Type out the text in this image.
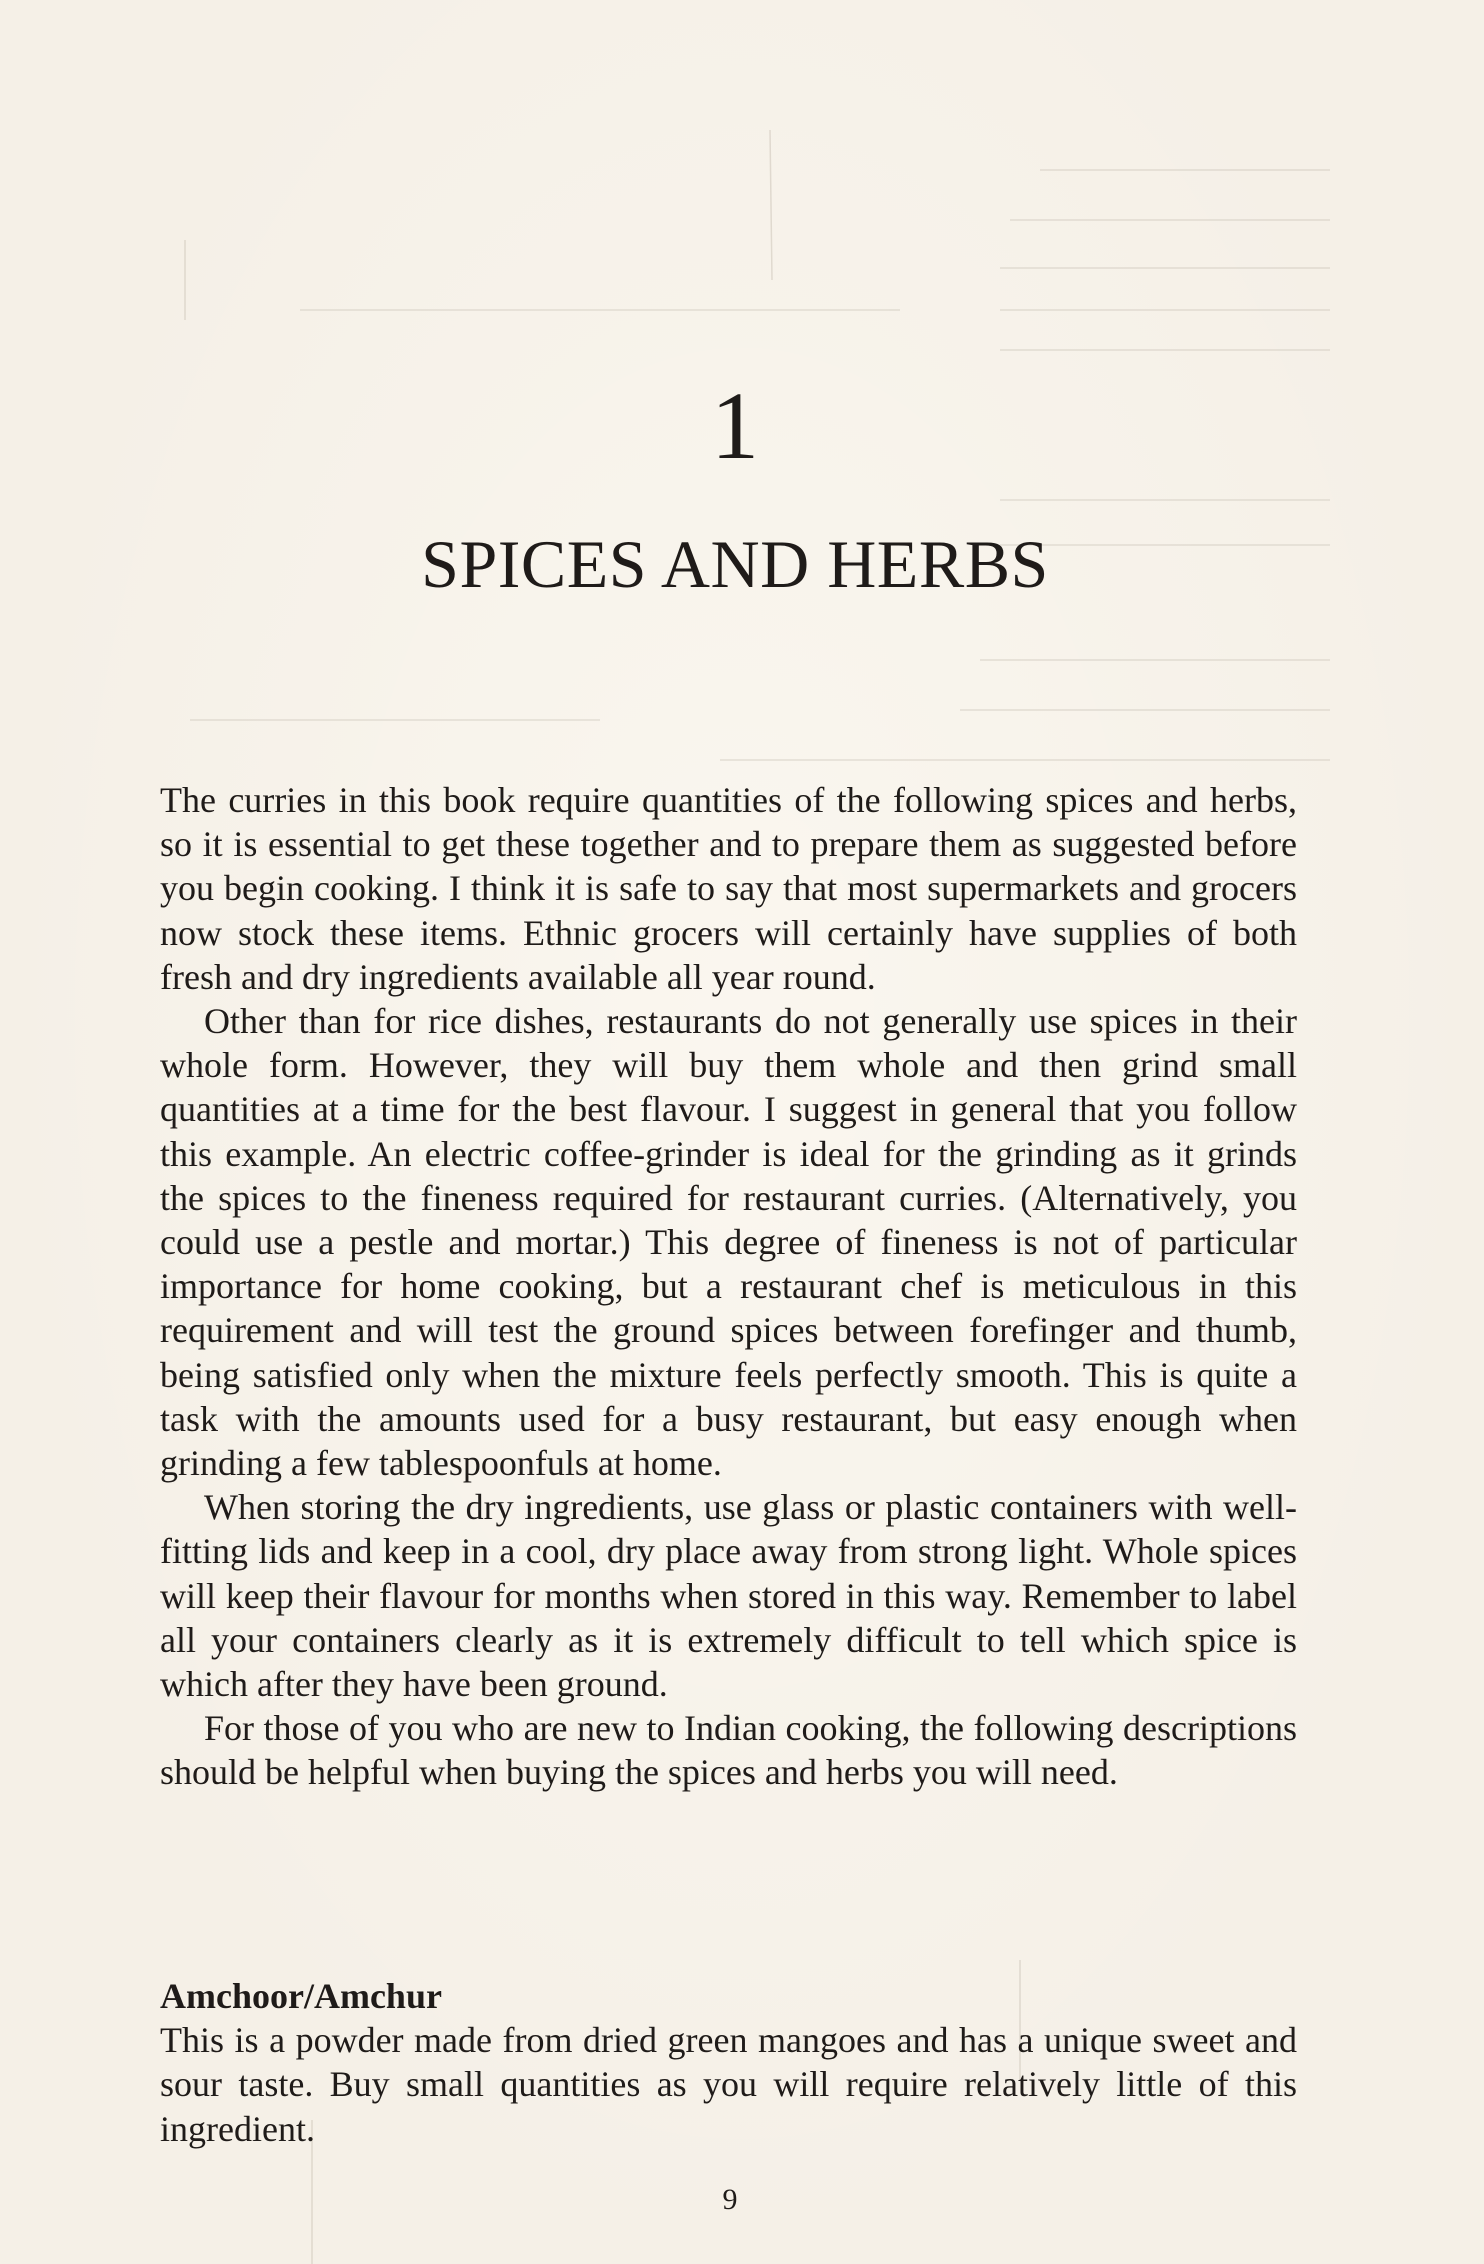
1
SPICES AND HERBS

The curries in this book require quantities of the following spices and herbs, so it is essential to get these together and to prepare them as suggested before you begin cooking. I think it is safe to say that most supermarkets and grocers now stock these items. Ethnic grocers will certainly have supplies of both fresh and dry ingredients available all year round.

Other than for rice dishes, restaurants do not generally use spices in their whole form. However, they will buy them whole and then grind small quantities at a time for the best flavour. I suggest in general that you follow this example. An electric coffee-grinder is ideal for the grinding as it grinds the spices to the fineness required for restaurant curries. (Alternatively, you could use a pestle and mortar.) This degree of fineness is not of particular importance for home cooking, but a restaurant chef is meticulous in this requirement and will test the ground spices between forefinger and thumb, being satisfied only when the mixture feels perfectly smooth. This is quite a task with the amounts used for a busy restaurant, but easy enough when grinding a few tablespoonfuls at home.

When storing the dry ingredients, use glass or plastic containers with well-fitting lids and keep in a cool, dry place away from strong light. Whole spices will keep their flavour for months when stored in this way. Remember to label all your containers clearly as it is extremely difficult to tell which spice is which after they have been ground.

For those of you who are new to Indian cooking, the following descriptions should be helpful when buying the spices and herbs you will need.

Amchoor/Amchur

This is a powder made from dried green mangoes and has a unique sweet and sour taste. Buy small quantities as you will require relatively little of this ingredient.

9
